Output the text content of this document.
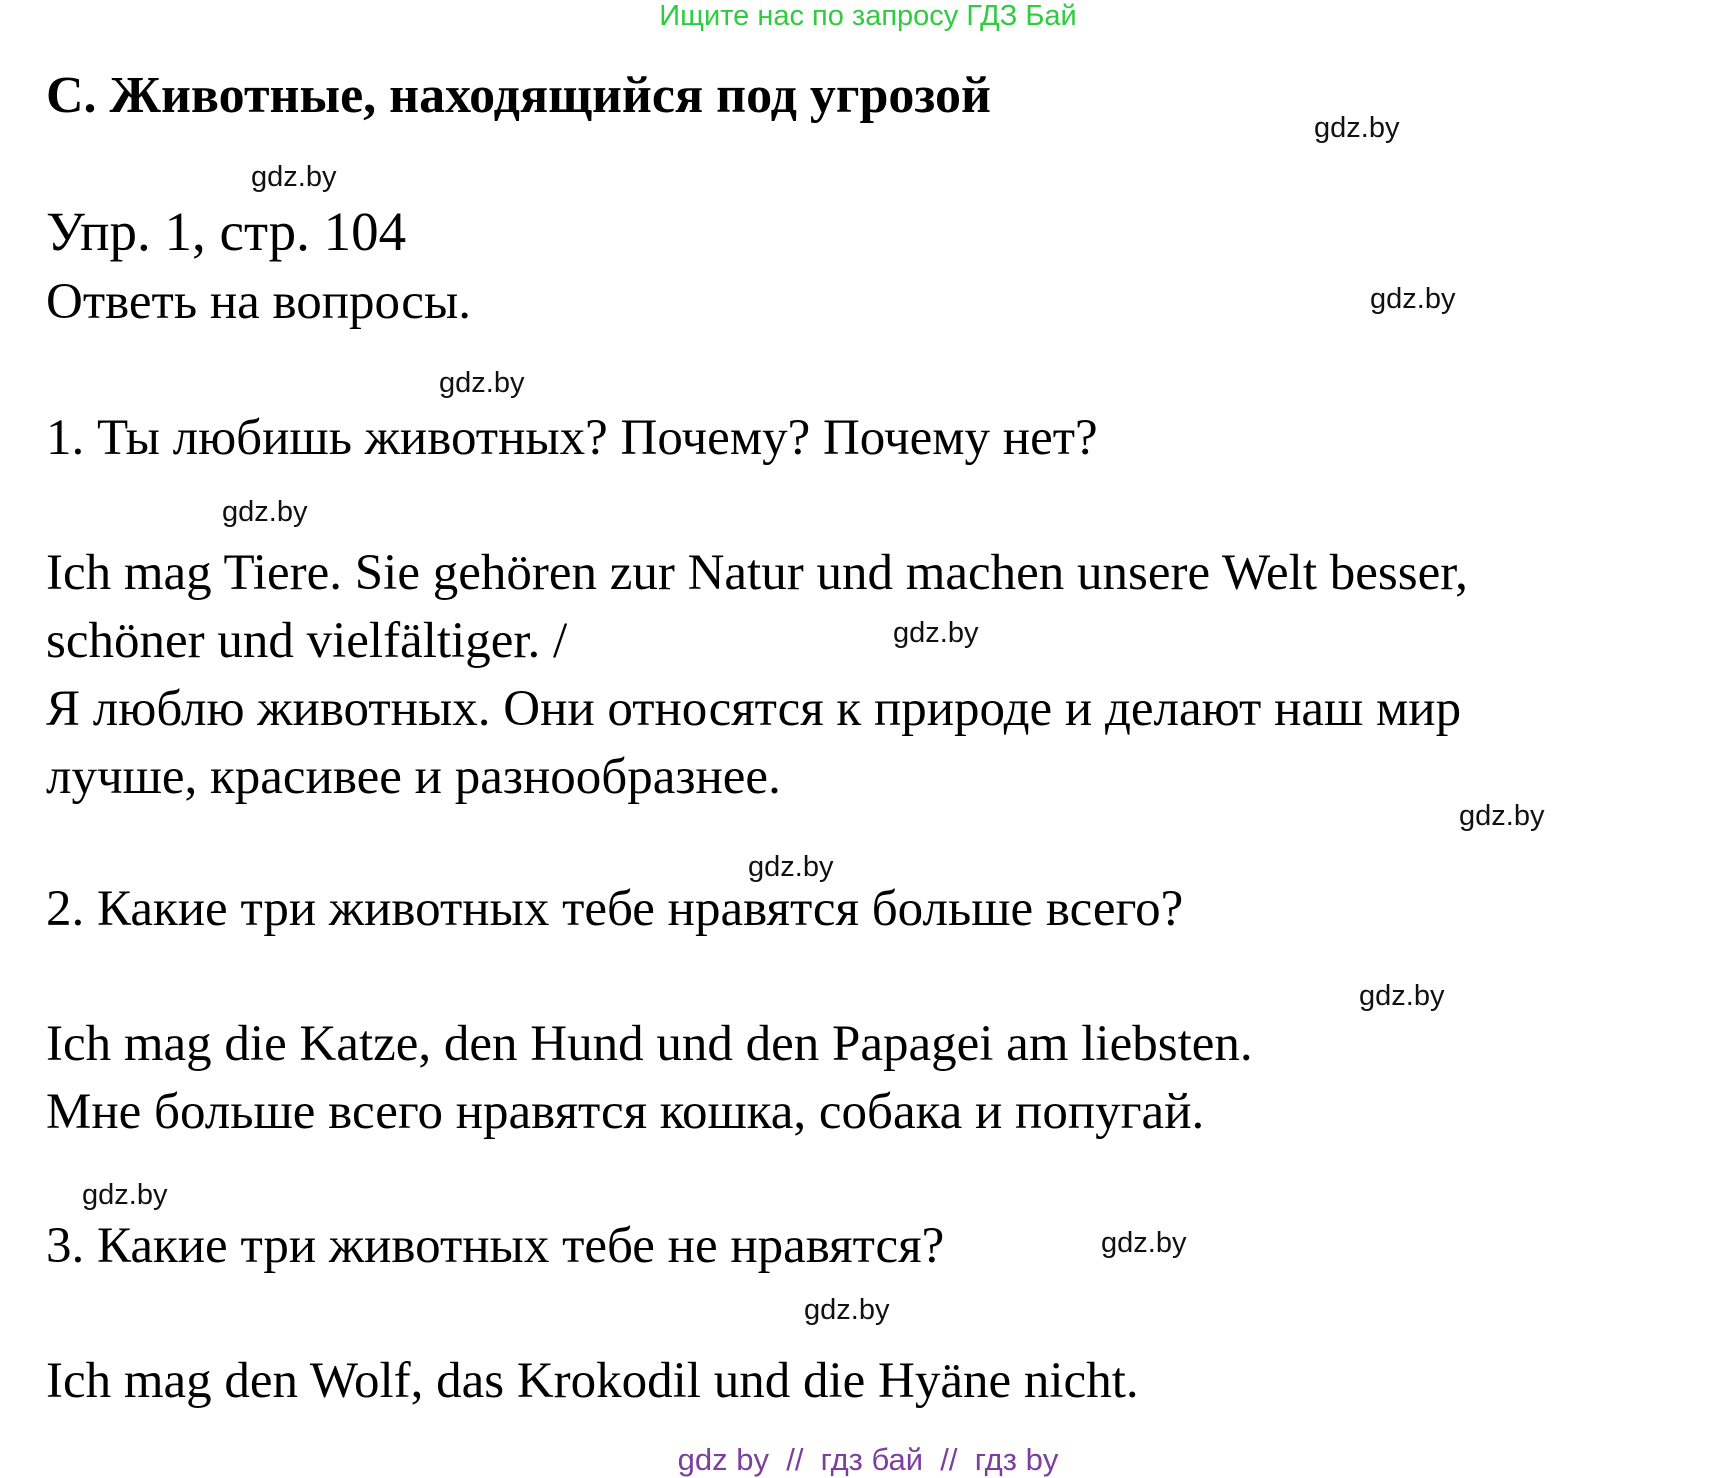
Ищите нас по запросу ГДЗ Бай
C. Животные, находящийся под угрозой
Упр. 1, стр. 104
Ответь на вопросы.
1. Ты любишь животных? Почему? Почему нет?
Ich mag Tiere. Sie gehören zur Natur und machen unsere Welt besser,
schöner und vielfältiger. /
Я люблю животных. Они относятся к природе и делают наш мир
лучше, красивее и разнообразнее.
2. Какие три животных тебе нравятся больше всего?
Ich mag die Katze, den Hund und den Papagei am liebsten.
Мне больше всего нравятся кошка, собака и попугай.
3. Какие три животных тебе не нравятся?
Ich mag den Wolf, das Krokodil und die Hyäne nicht.
gdz.by
gdz.by
gdz.by
gdz.by
gdz.by
gdz.by
gdz.by
gdz.by
gdz.by
gdz.by
gdz.by
gdz.by
gdz by  //  гдз бай  //  гдз by
